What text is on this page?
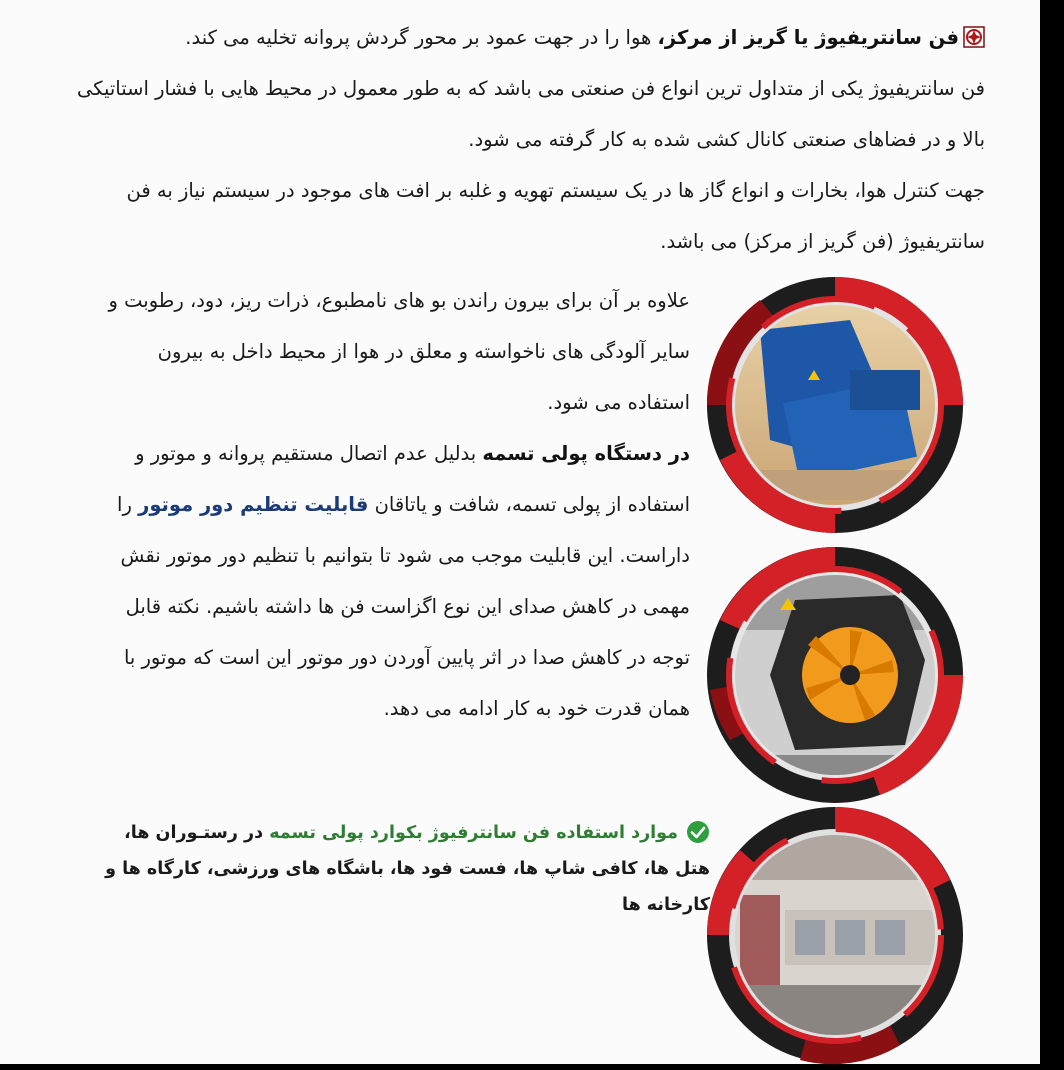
فن سانتریفیوژ یا گریز از مرکز، هوا را در جهت عمود بر محور گردش پروانه تخلیه می کند.

فن سانتریفیوژ یکی از متداول ترین انواع فن صنعتی می باشد که به طور معمول در محیط هایی با فشار استاتیکی بالا و در فضاهای صنعتی کانال کشی شده به کار گرفته می شود.

جهت کنترل هوا، بخارات و انواع گاز ها در یک سیستم تهویه و غلبه بر افت های موجود در سیستم نیاز به فن سانتریفیوژ (فن گریز از مرکز) می باشد.

علاوه بر آن برای بیرون راندن بو های نامطبوع، ذرات ریز، دود، رطوبت و سایر آلودگی های ناخواسته و معلق در هوا از محیط داخل به بیرون استفاده می شود.

در دستگاه پولی تسمه بدلیل عدم اتصال مستقیم پروانه و موتور و استفاده از پولی تسمه، شافت و یاتاقان قابلیت تنظیم دور موتور را داراست. این قابلیت موجب می شود تا بتوانیم با تنظیم دور موتور نقش مهمی در کاهش صدای این نوع اگزاست فن ها داشته باشیم. نکته قابل توجه در کاهش صدا در اثر پایین آوردن دور موتور این است که موتور با همان قدرت خود به کار ادامه می دهد.

موارد استفاده فن سانترفیوژ بکوارد پولی تسمه در رستـوران ها، هتل ها، کافی شاپ ها، فست فود ها، باشگاه های ورزشی، کارگاه ها و کارخانه ها
